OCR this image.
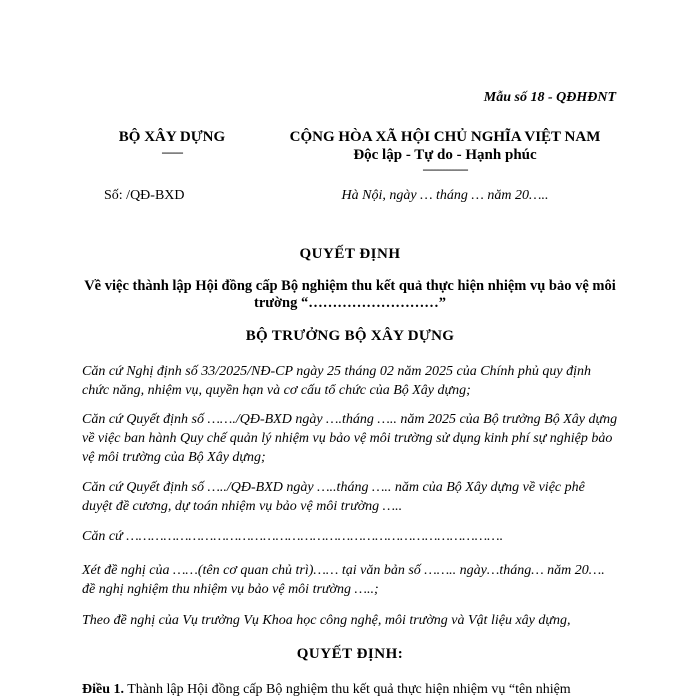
Mẫu số 18 - QĐHĐNT
BỘ XÂY DỰNG
-------
CỘNG HÒA XÃ HỘI CHỦ NGHĨA VIỆT NAM
Độc lập - Tự do - Hạnh phúc
---------------
Số: /QĐ-BXD	Hà Nội, ngày … tháng … năm 20…..
QUYẾT ĐỊNH
Về việc thành lập Hội đồng cấp Bộ nghiệm thu kết quả thực hiện nhiệm vụ bảo vệ môi trường “………………………”
BỘ TRƯỞNG BỘ XÂY DỰNG
Căn cứ Nghị định số 33/2025/NĐ-CP ngày 25 tháng 02 năm 2025 của Chính phủ quy định chức năng, nhiệm vụ, quyền hạn và cơ cấu tổ chức của Bộ Xây dựng;
Căn cứ Quyết định số ……./QĐ-BXD ngày ….tháng ….. năm 2025 của Bộ trưởng Bộ Xây dựng về việc ban hành Quy chế quản lý nhiệm vụ bảo vệ môi trường sử dụng kinh phí sự nghiệp bảo vệ môi trường của Bộ Xây dựng;
Căn cứ Quyết định số …../QĐ-BXD ngày …..tháng ….. năm của Bộ Xây dựng về việc phê duyệt đề cương, dự toán nhiệm vụ bảo vệ môi trường …..
Căn cứ ……………………………………………………………………………….
Xét đề nghị của ……(tên cơ quan chủ trì)…… tại văn bản số …….. ngày…tháng… năm 20…. đề nghị nghiệm thu nhiệm vụ bảo vệ môi trường …..;
Theo đề nghị của Vụ trưởng Vụ Khoa học công nghệ, môi trường và Vật liệu xây dựng,
QUYẾT ĐỊNH:
Điều 1. Thành lập Hội đồng cấp Bộ nghiệm thu kết quả thực hiện nhiệm vụ “tên nhiệm
